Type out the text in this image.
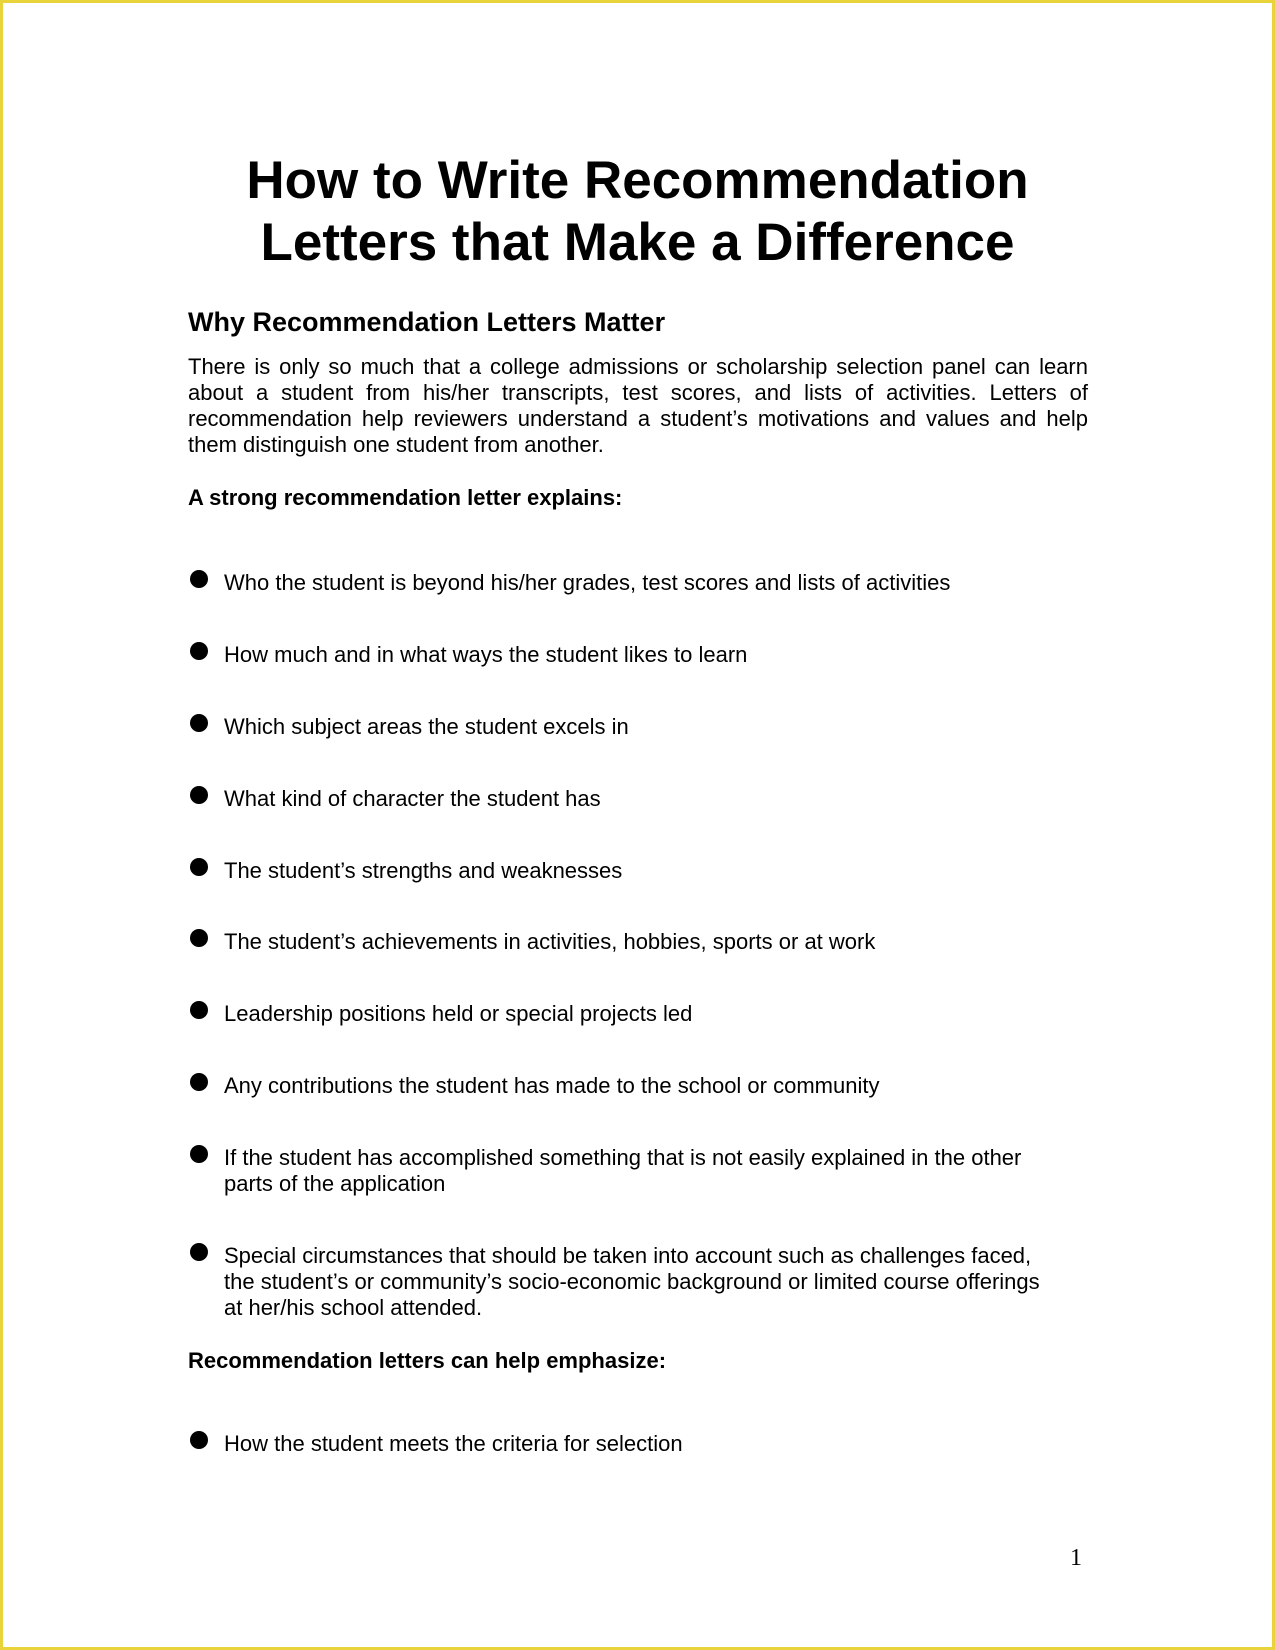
How to Write Recommendation
Letters that Make a Difference
Why Recommendation Letters Matter

There is only so much that a college admissions or scholarship selection panel can learn about a student from his/her transcripts, test scores, and lists of activities. Letters of recommendation help reviewers understand a student’s motivations and values and help them distinguish one student from another.

A strong recommendation letter explains:
Who the student is beyond his/her grades, test scores and lists of activities
How much and in what ways the student likes to learn
Which subject areas the student excels in
What kind of character the student has
The student’s strengths and weaknesses
The student’s achievements in activities, hobbies, sports or at work
Leadership positions held or special projects led
Any contributions the student has made to the school or community
If the student has accomplished something that is not easily explained in the other parts of the application
Special circumstances that should be taken into account such as challenges faced, the student’s or community’s socio-economic background or limited course offerings at her/his school attended.
Recommendation letters can help emphasize:
How the student meets the criteria for selection
1
